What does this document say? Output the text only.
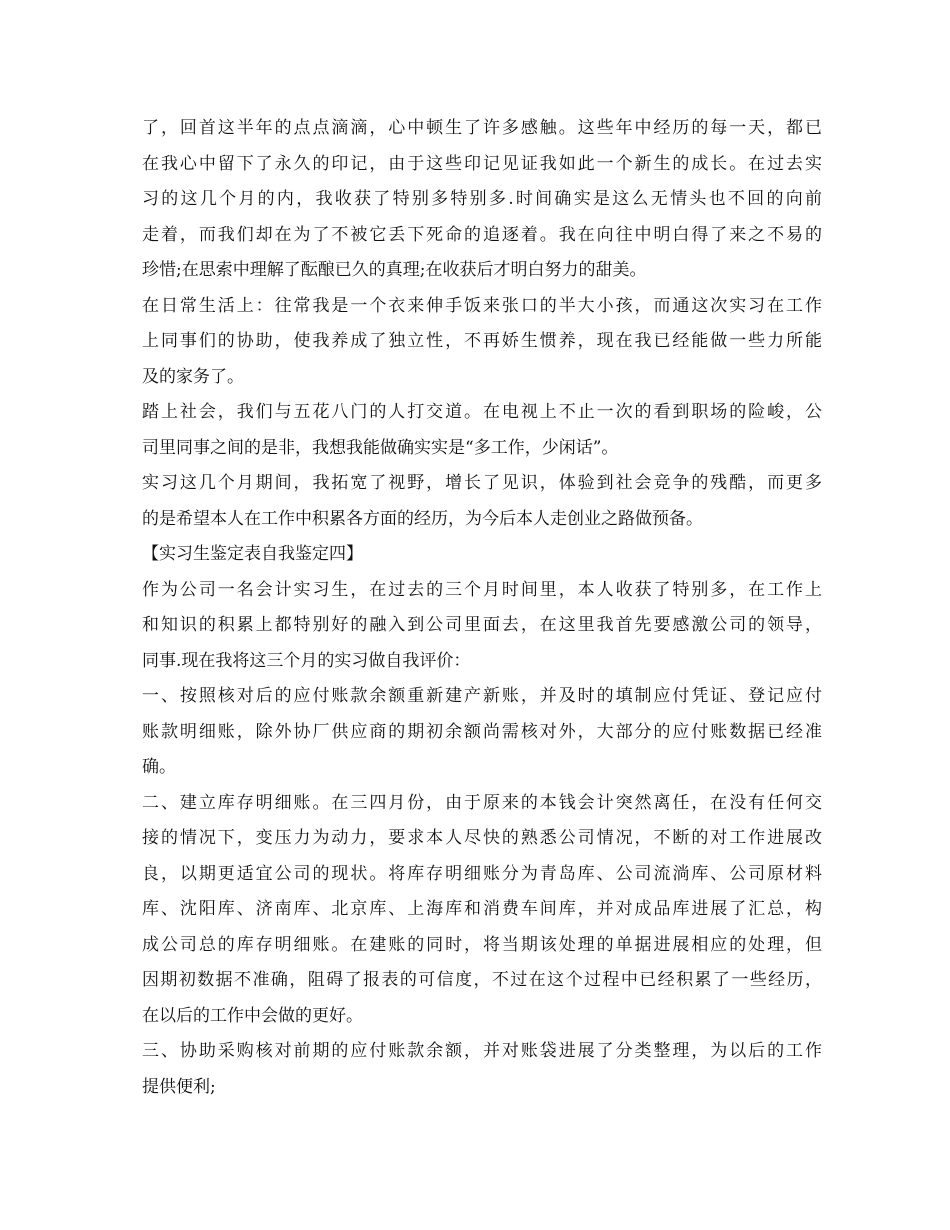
了，回首这半年的点点滴滴，心中顿生了许多感触。这些年中经历的每一天，都已
在我心中留下了永久的印记，由于这些印记见证我如此一个新生的成长。在过去实
习的这几个月的内，我收获了特别多特别多.时间确实是这么无情头也不回的向前
走着，而我们却在为了不被它丢下死命的追逐着。我在向往中明白得了来之不易的
珍惜;在思索中理解了酝酿已久的真理;在收获后才明白努力的甜美。
在日常生活上：往常我是一个衣来伸手饭来张口的半大小孩，而通这次实习在工作
上同事们的协助，使我养成了独立性，不再娇生惯养，现在我已经能做一些力所能
及的家务了。
踏上社会，我们与五花八门的人打交道。在电视上不止一次的看到职场的险峻，公
司里同事之间的是非，我想我能做确实实是“多工作，少闲话”。
实习这几个月期间，我拓宽了视野，增长了见识，体验到社会竞争的残酷，而更多
的是希望本人在工作中积累各方面的经历，为今后本人走创业之路做预备。
【实习生鉴定表自我鉴定四】
作为公司一名会计实习生，在过去的三个月时间里，本人收获了特别多，在工作上
和知识的积累上都特别好的融入到公司里面去，在这里我首先要感激公司的领导，
同事.现在我将这三个月的实习做自我评价：
一、按照核对后的应付账款余额重新建产新账，并及时的填制应付凭证、登记应付
账款明细账，除外协厂供应商的期初余额尚需核对外，大部分的应付账数据已经准
确。
二、建立库存明细账。在三四月份，由于原来的本钱会计突然离任，在没有任何交
接的情况下，变压力为动力，要求本人尽快的熟悉公司情况，不断的对工作进展改
良，以期更适宜公司的现状。将库存明细账分为青岛库、公司流淌库、公司原材料
库、沈阳库、济南库、北京库、上海库和消费车间库，并对成品库进展了汇总，构
成公司总的库存明细账。在建账的同时，将当期该处理的单据进展相应的处理，但
因期初数据不准确，阻碍了报表的可信度，不过在这个过程中已经积累了一些经历，
在以后的工作中会做的更好。
三、协助采购核对前期的应付账款余额，并对账袋进展了分类整理，为以后的工作
提供便利;
